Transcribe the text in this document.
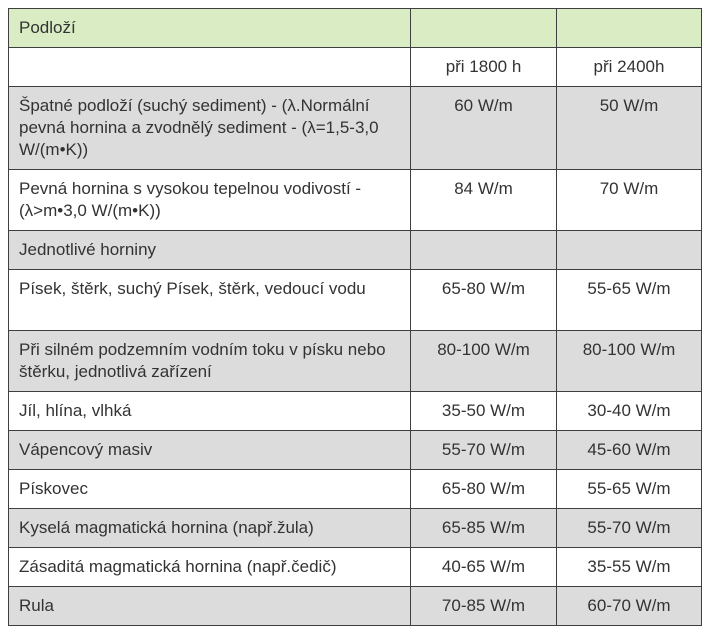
Podloží		
	při 1800 h	při 2400h
Špatné podloží (suchý sediment) - (λ.Normální pevná hornina a zvodnělý sediment - (λ=1,5-3,0 W/(m•K))	60 W/m	50 W/m
Pevná hornina s vysokou tepelnou vodivostí - (λ>m•3,0 W/(m•K))	84 W/m	70 W/m
Jednotlivé horniny		
Písek, štěrk, suchý Písek, štěrk, vedoucí vodu	65-80 W/m	55-65 W/m
Při silném podzemním vodním toku v písku nebo štěrku, jednotlivá zařízení	80-100 W/m	80-100 W/m
Jíl, hlína, vlhká	35-50 W/m	30-40 W/m
Vápencový masiv	55-70 W/m	45-60 W/m
Pískovec	65-80 W/m	55-65 W/m
Kyselá magmatická hornina (např.žula)	65-85 W/m	55-70 W/m
Zásaditá magmatická hornina (např.čedič)	40-65 W/m	35-55 W/m
Rula	70-85 W/m	60-70 W/m
